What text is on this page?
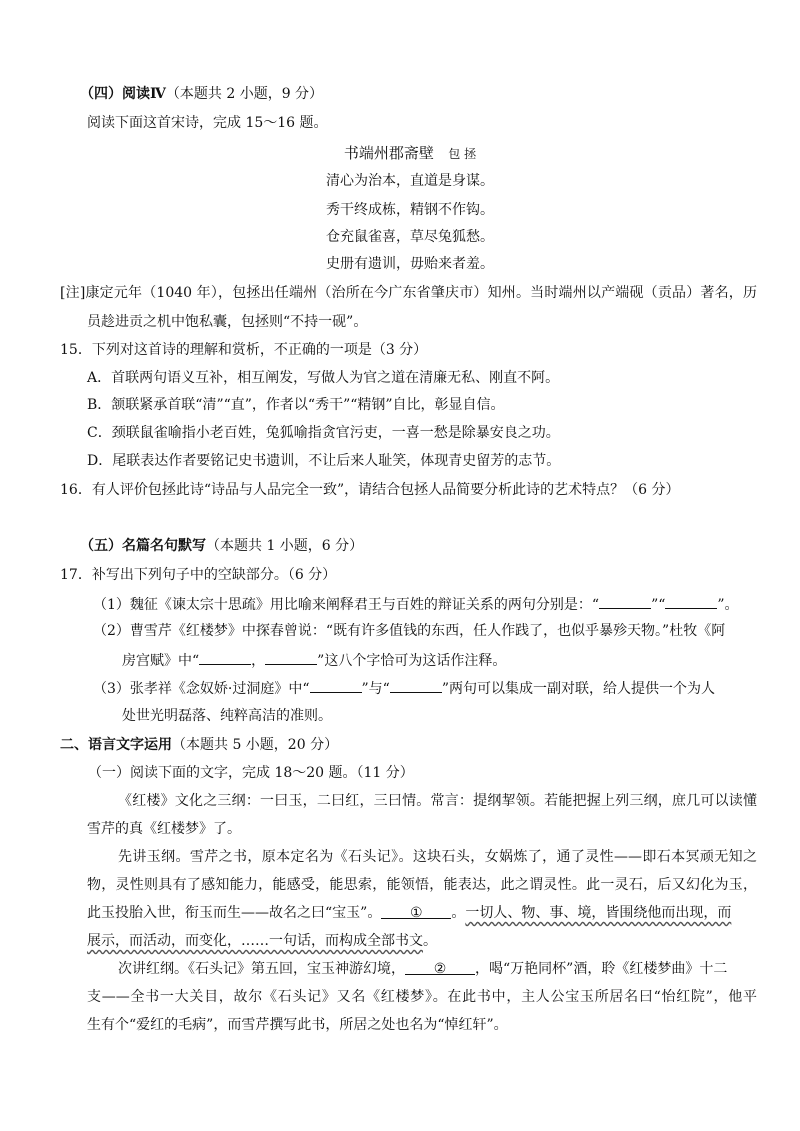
（四）阅读Ⅳ（本题共 2 小题，9 分）
阅读下面这首宋诗，完成 15～16 题。
书端州郡斋壁 包 拯
清心为治本，直道是身谋。
秀干终成栋，精钢不作钩。
仓充鼠雀喜，草尽兔狐愁。
史册有遗训，毋贻来者羞。
[注]康定元年（1040 年），包拯出任端州（治所在今广东省肇庆市）知州。当时端州以产端砚（贡品）著名，历
员趁进贡之机中饱私囊，包拯则“不持一砚”。
15．下列对这首诗的理解和赏析，不正确的一项是（3 分）
A．首联两句语义互补，相互阐发，写做人为官之道在清廉无私、刚直不阿。
B．颔联紧承首联“清”“直”，作者以“秀干”“精钢”自比，彰显自信。
C．颈联鼠雀喻指小老百姓，兔狐喻指贪官污吏，一喜一愁是除暴安良之功。
D．尾联表达作者要铭记史书遗训，不让后来人耻笑，体现青史留芳的志节。
16．有人评价包拯此诗“诗品与人品完全一致”，请结合包拯人品简要分析此诗的艺术特点？（6 分）
（五）名篇名句默写（本题共 1 小题，6 分）
17．补写出下列句子中的空缺部分。（6 分）
（1）魏征《谏太宗十思疏》用比喻来阐释君王与百姓的辩证关系的两句分别是：“	”“	”。
（2）曹雪芹《红楼梦》中探春曾说：“既有许多值钱的东西，任人作践了，也似乎暴殄天物。”杜牧《阿
房宫赋》中“	，	”这八个字恰可为这话作注释。
（3）张孝祥《念奴娇·过洞庭》中“	”与“	”两句可以集成一副对联，给人提供一个为人
处世光明磊落、纯粹高洁的准则。
二、语言文字运用（本题共 5 小题，20 分）
（一）阅读下面的文字，完成 18～20 题。（11 分）
《红楼》文化之三纲：一曰玉，二曰红，三曰情。常言：提纲挈领。若能把握上列三纲，庶几可以读懂
雪芹的真《红楼梦》了。
先讲玉纲。雪芹之书，原本定名为《石头记》。这块石头，女娲炼了，通了灵性——即石本冥顽无知之
物，灵性则具有了感知能力，能感受，能思索，能领悟，能表达，此之谓灵性。此一灵石，后又幻化为玉，
此玉投胎入世，衔玉而生——故名之曰“宝玉”。 ① 。一切人、物、事、境，皆围绕他而出现，而
展示，而活动，而变化，……一句话，而构成全部书文。
次讲红纲。《石头记》第五回，宝玉神游幻境， ② ，喝“万艳同杯”酒，聆《红楼梦曲》十二
支——全书一大关目，故尔《石头记》又名《红楼梦》。在此书中，主人公宝玉所居名曰“怡红院”，他平
生有个“爱红的毛病”，而雪芹撰写此书，所居之处也名为“悼红轩”。
